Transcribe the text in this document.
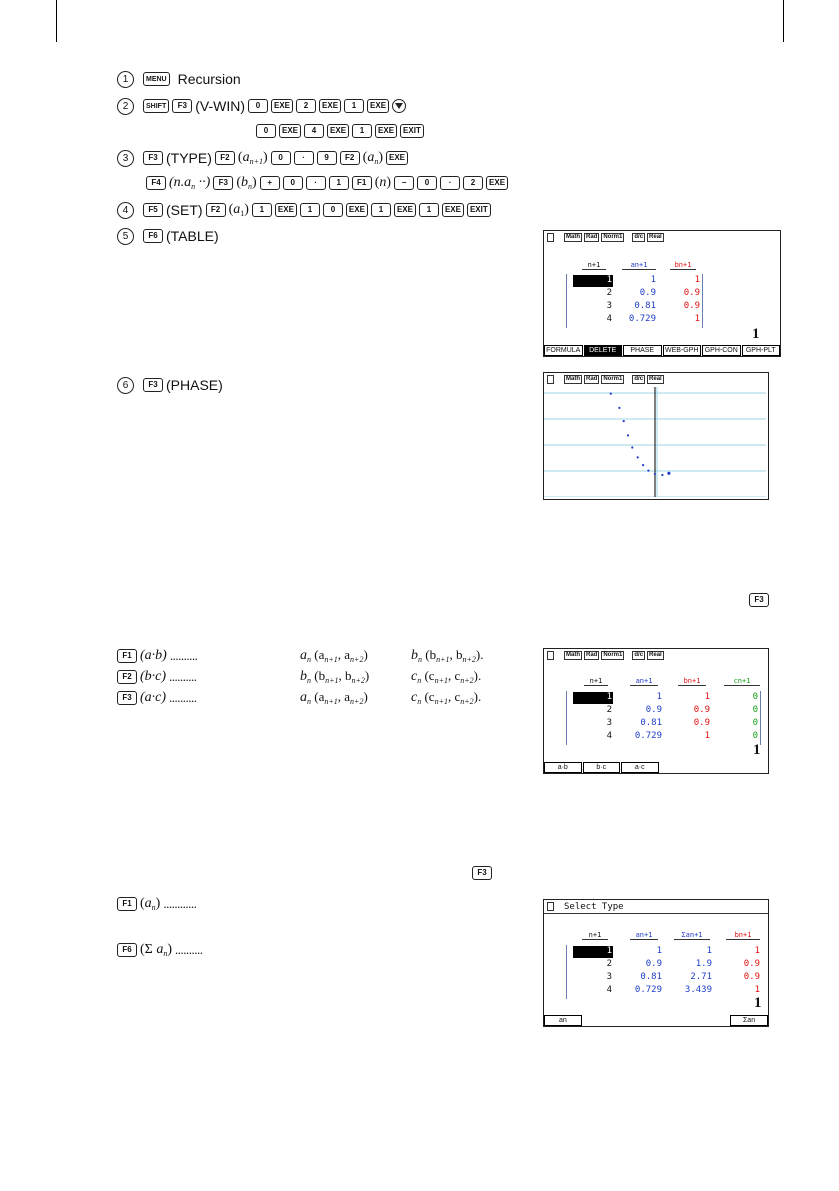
1	MENU Recursion
2	SHIFT	F3 (V-WIN)	0	EXE	2	EXE	1	EXE
0	EXE	4	EXE	1	EXE	EXIT
3	F3 (TYPE)	F2 $(a_{n+1})$	0	·	9	F2 $(a_n)$ EXE
F4 ($n.a_n$ ··)	F3 $(b_n)$	+	0	·	1	F1 (n)	−	0	·	2	EXE
4	F5 (SET)	F2 $(a_1)$	1	EXE	1	0	EXE	1	EXE	1	EXE	EXIT
5	F6 (TABLE)	Math	Rad	Norm1	d/c	Real
n+1	an+1	bn+1
1	1	1
2	0.9	0.9
3	0.81	0.9
4	0.729	1
1
FORMULA	DELETE	PHASE	WEB-GPH GPH-CON	GPH-PLT
6	F3 (PHASE)	Math	Rad	Norm1	d/c	Real
F3
F1 (a·b) ..........	$a_n$ ($a_{n+1}$, $a_{n+2}$)	$b_n$ ($b_{n+1}$, $b_{n+2}$).
F2 (b·c) ..........	$b_n$ ($b_{n+1}$, $b_{n+2}$)	$c_n$ ($c_{n+1}$, $c_{n+2}$).
F3 (a·c) ..........	$a_n$ ($a_{n+1}$, $a_{n+2}$)	$c_n$ ($c_{n+1}$, $c_{n+2}$).
Math	Rad	Norm1	d/c	Real
n+1	an+1	bn+1	cn+1
1	1	1	0
2	0.9	0.9	0
3	0.81	0.9	0
4	0.729	1	0
1
a·b	b·c	a·c
F3
F1 $(a_n)$ ............
F6 (Σ $a_n$) ..........
Select Type
n+1	an+1	Σan+1	bn+1
1	1	1	1
2	0.9	1.9	0.9
3	0.81	2.71	0.9
4	0.729	3.439	1
1
an	Σan
